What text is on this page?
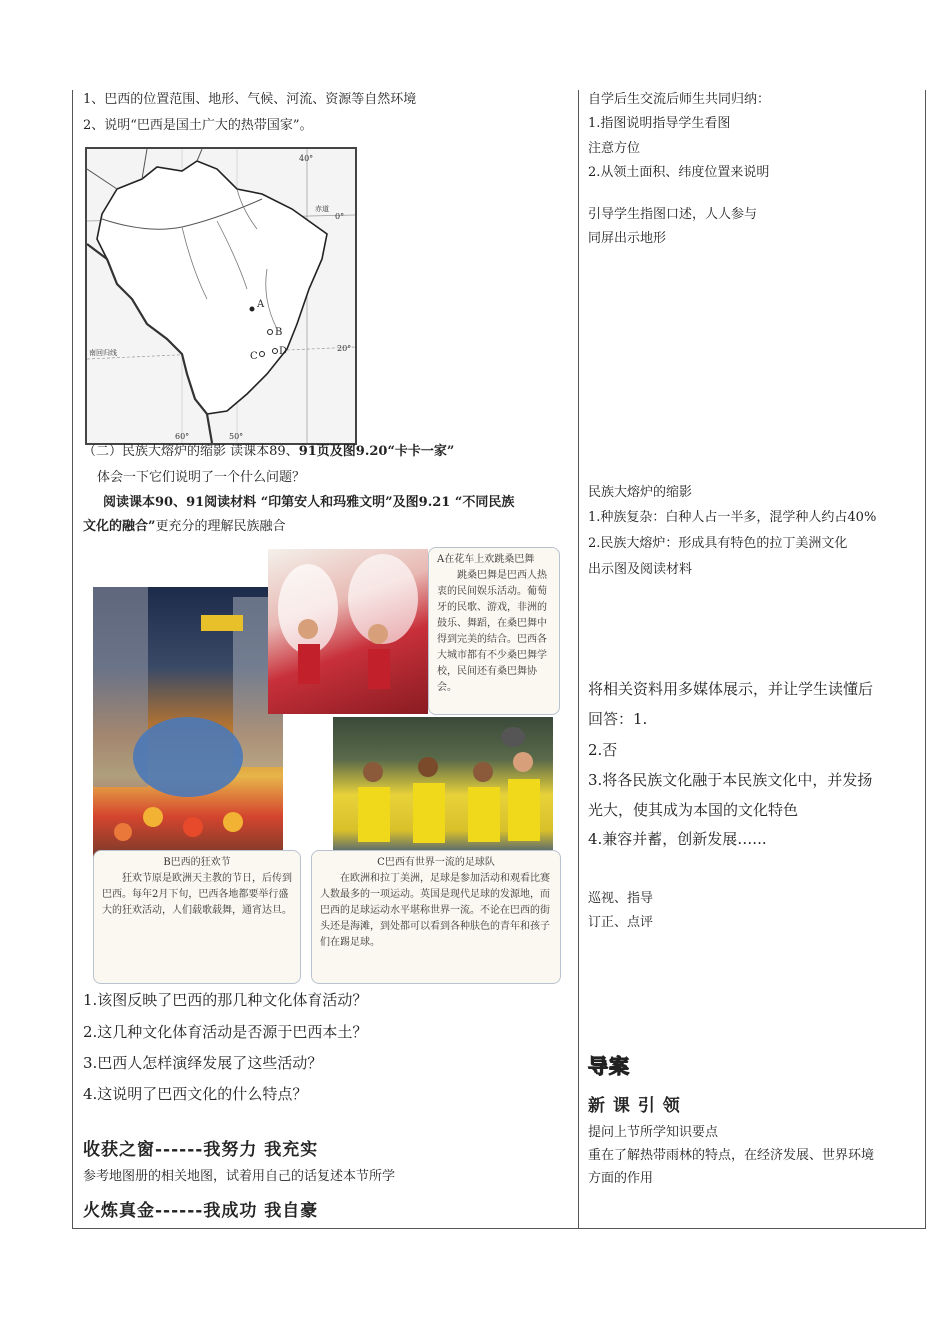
1、巴西的位置范围、地形、气候、河流、资源等自然环境
2、说明“巴西是国土广大的热带国家”。
A
B
C D
40°
50°
60°
0°
20°
赤道
南回归线
（二）民族大熔炉的缩影 读课本89、91页及图9.20“卡卡一家”
体会一下它们说明了一个什么问题？
阅读课本90、91阅读材料 “印第安人和玛雅文明”及图9.21 “不同民族
文化的融合”更充分的理解民族融合
A在花车上欢跳桑巴舞
跳桑巴舞是巴西人热衷的民间娱乐活动。葡萄牙的民歌、游戏，非洲的鼓乐、舞蹈，在桑巴舞中得到完美的结合。巴西各大城市都有不少桑巴舞学校，民间还有桑巴舞协会。
B巴西的狂欢节
狂欢节原是欧洲天主教的节日，后传到巴西。每年2月下旬，巴西各地都要举行盛大的狂欢活动，人们载歌载舞，通宵达旦。
C巴西有世界一流的足球队
在欧洲和拉丁美洲，足球是参加活动和观看比赛人数最多的一项运动。英国是现代足球的发源地，而巴西的足球运动水平堪称世界一流。不论在巴西的街头还是海滩，到处都可以看到各种肤色的青年和孩子们在踢足球。
1.该图反映了巴西的那几种文化体育活动？
2.这几种文化体育活动是否源于巴西本土？
3.巴西人怎样演绎发展了这些活动？
4.这说明了巴西文化的什么特点？
收获之窗------我努力 我充实
参考地图册的相关地图，试着用自己的话复述本节所学
火炼真金------我成功 我自豪
自学后生交流后师生共同归纳：
1.指图说明指导学生看图
注意方位
2.从领土面积、纬度位置来说明
引导学生指图口述，人人参与
同屏出示地形
民族大熔炉的缩影
1.种族复杂：白种人占一半多，混学种人约占40%
2.民族大熔炉：形成具有特色的拉丁美洲文化
出示图及阅读材料
将相关资料用多媒体展示，并让学生读懂后
回答：1.
2.否
3.将各民族文化融于本民族文化中，并发扬
光大，使其成为本国的文化特色
4.兼容并蓄，创新发展…...
巡视、指导
订正、点评
导案
新 课 引 领
提问上节所学知识要点
重在了解热带雨林的特点，在经济发展、世界环境
方面的作用
